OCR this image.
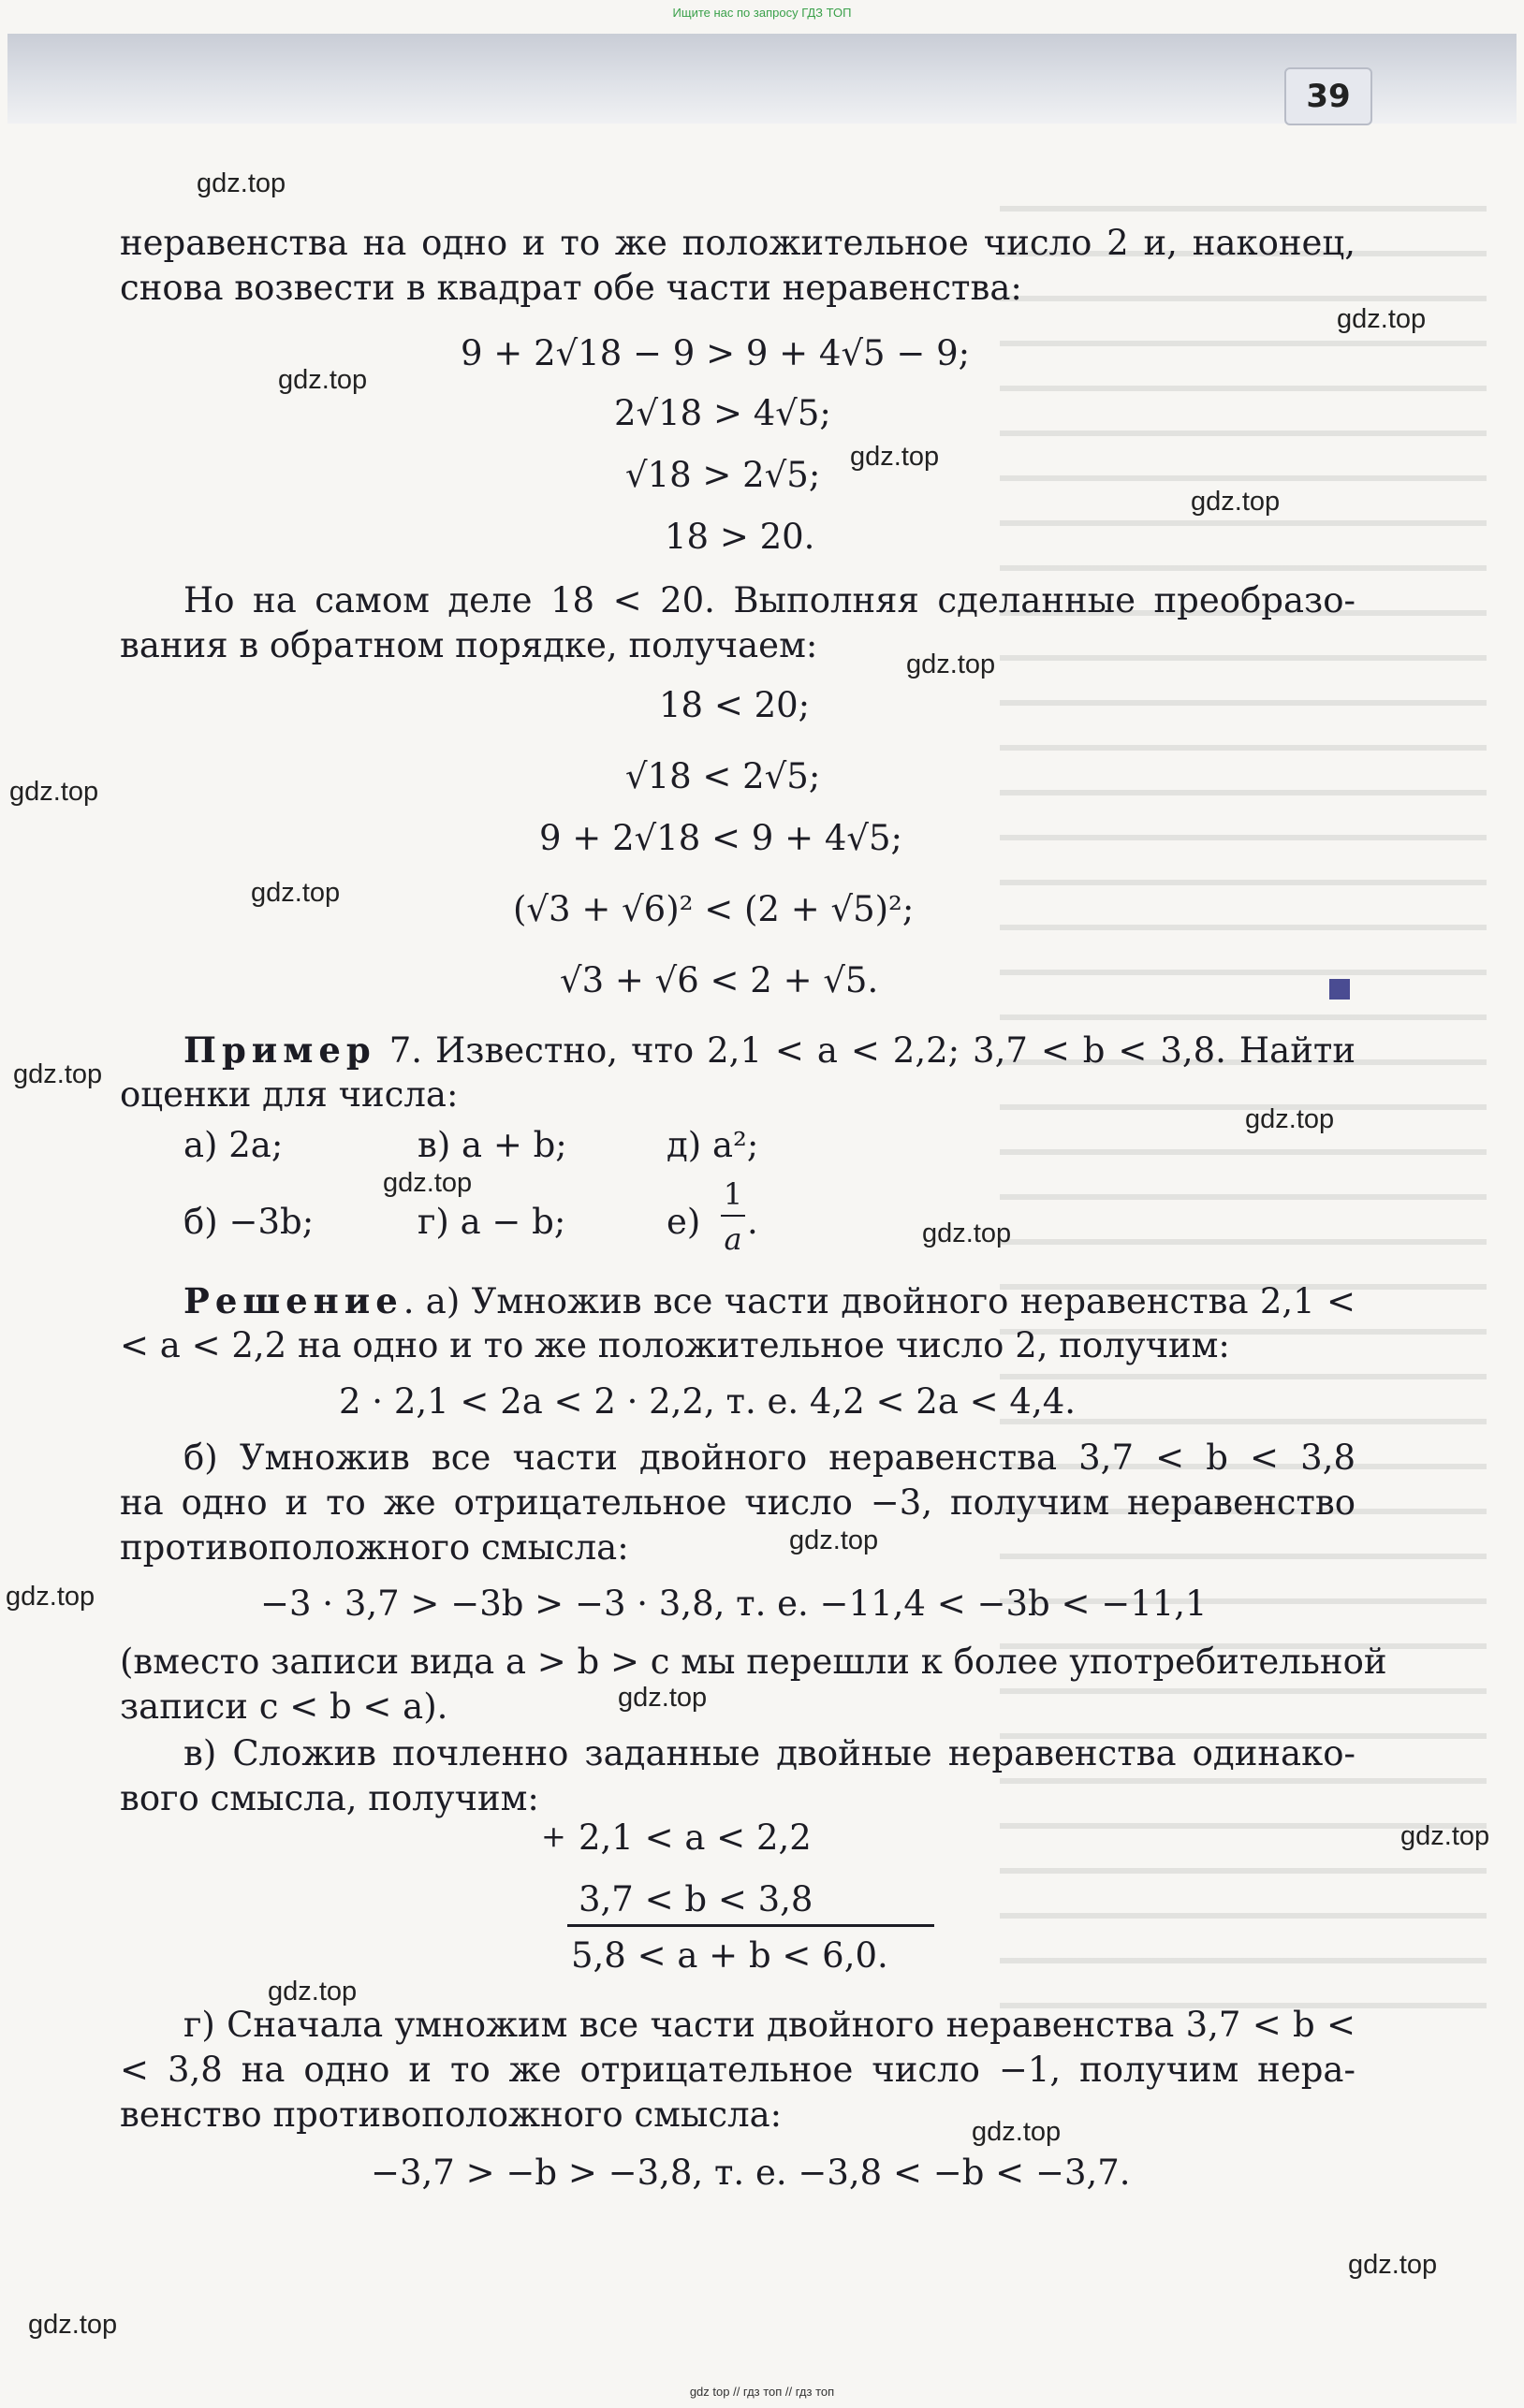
Ищите нас по запросу ГДЗ ТОП
39
gdz.top
gdz.top
gdz.top
gdz.top
gdz.top
gdz.top
gdz.top
gdz.top
gdz.top
gdz.top
gdz.top
gdz.top
gdz.top
gdz.top
gdz.top
gdz.top
gdz.top
gdz.top
gdz.top
gdz.top
неравенства на одно и то же положительное число 2 и, наконец,
снова возвести в квадрат обе части неравенства:
9 + 2√18 − 9 > 9 + 4√5 − 9;
2√18 > 4√5;
√18 > 2√5;
18 > 20.
Но на самом деле 18 < 20. Выполняя сделанные преобразо-
вания в обратном порядке, получаем:
18 < 20;
√18 < 2√5;
9 + 2√18 < 9 + 4√5;
(√3 + √6)² < (2 + √5)²;
√3 + √6 < 2 + √5.
Пример 7. Известно, что 2,1 < a < 2,2; 3,7 < b < 3,8. Найти
оценки для числа:
а) 2a;	в) a + b;	д) a²;
б) −3b;	г) a − b;	е)
1
a .
Решение. а) Умножив все части двойного неравенства 2,1 <
< a < 2,2 на одно и то же положительное число 2, получим:
2 · 2,1 < 2a < 2 · 2,2, т. е. 4,2 < 2a < 4,4.
б) Умножив все части двойного неравенства 3,7 < b < 3,8
на одно и то же отрицательное число −3, получим неравенство
противоположного смысла:
−3 · 3,7 > −3b > −3 · 3,8, т. е. −11,4 < −3b < −11,1
(вместо записи вида a > b > c мы перешли к более употребительной
записи c < b < a).
в) Сложив почленно заданные двойные неравенства одинако-
вого смысла, получим:
+ 2,1 < a < 2,2
3,7 < b < 3,8
5,8 < a + b < 6,0.
г) Сначала умножим все части двойного неравенства 3,7 < b <
< 3,8 на одно и то же отрицательное число −1, получим нера-
венство противоположного смысла:
−3,7 > −b > −3,8, т. е. −3,8 < −b < −3,7.
gdz top // гдз топ // гдз топ
